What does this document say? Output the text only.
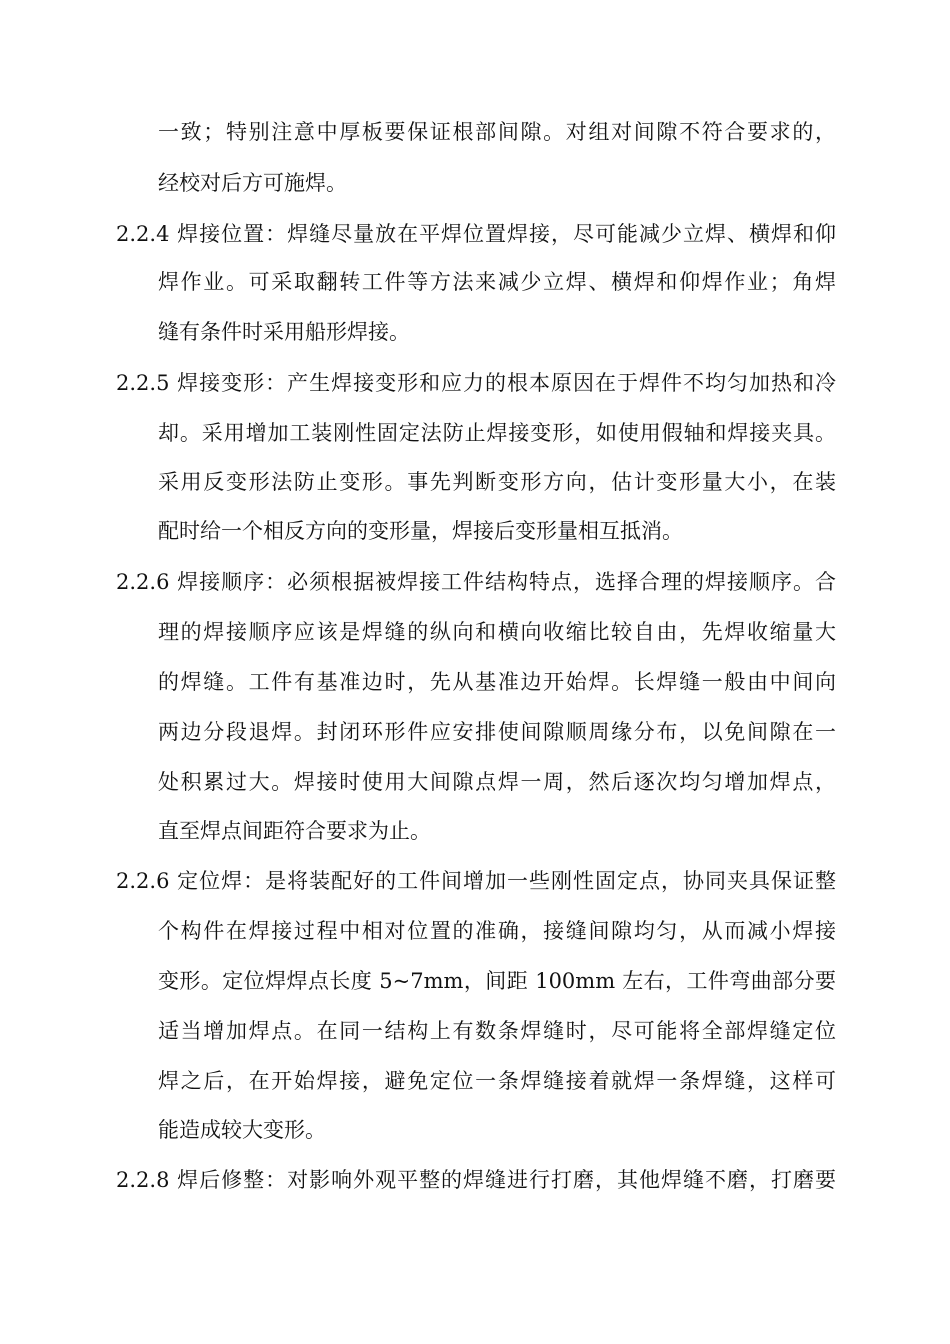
一致；特别注意中厚板要保证根部间隙。对组对间隙不符合要求的，
经校对后方可施焊。
2.2.4 焊接位置：焊缝尽量放在平焊位置焊接，尽可能减少立焊、横焊和仰
焊作业。可采取翻转工件等方法来减少立焊、横焊和仰焊作业；角焊
缝有条件时采用船形焊接。
2.2.5 焊接变形：产生焊接变形和应力的根本原因在于焊件不均匀加热和冷
却。采用增加工装刚性固定法防止焊接变形，如使用假轴和焊接夹具。
采用反变形法防止变形。事先判断变形方向，估计变形量大小，在装
配时给一个相反方向的变形量，焊接后变形量相互抵消。
2.2.6 焊接顺序：必须根据被焊接工件结构特点，选择合理的焊接顺序。合
理的焊接顺序应该是焊缝的纵向和横向收缩比较自由，先焊收缩量大
的焊缝。工件有基准边时，先从基准边开始焊。长焊缝一般由中间向
两边分段退焊。封闭环形件应安排使间隙顺周缘分布，以免间隙在一
处积累过大。焊接时使用大间隙点焊一周，然后逐次均匀增加焊点，
直至焊点间距符合要求为止。
2.2.6 定位焊：是将装配好的工件间增加一些刚性固定点，协同夹具保证整
个构件在焊接过程中相对位置的准确，接缝间隙均匀，从而减小焊接
变形。定位焊焊点长度 5~7mm，间距 100mm 左右，工件弯曲部分要
适当增加焊点。在同一结构上有数条焊缝时，尽可能将全部焊缝定位
焊之后，在开始焊接，避免定位一条焊缝接着就焊一条焊缝，这样可
能造成较大变形。
2.2.8 焊后修整：对影响外观平整的焊缝进行打磨，其他焊缝不磨，打磨要
